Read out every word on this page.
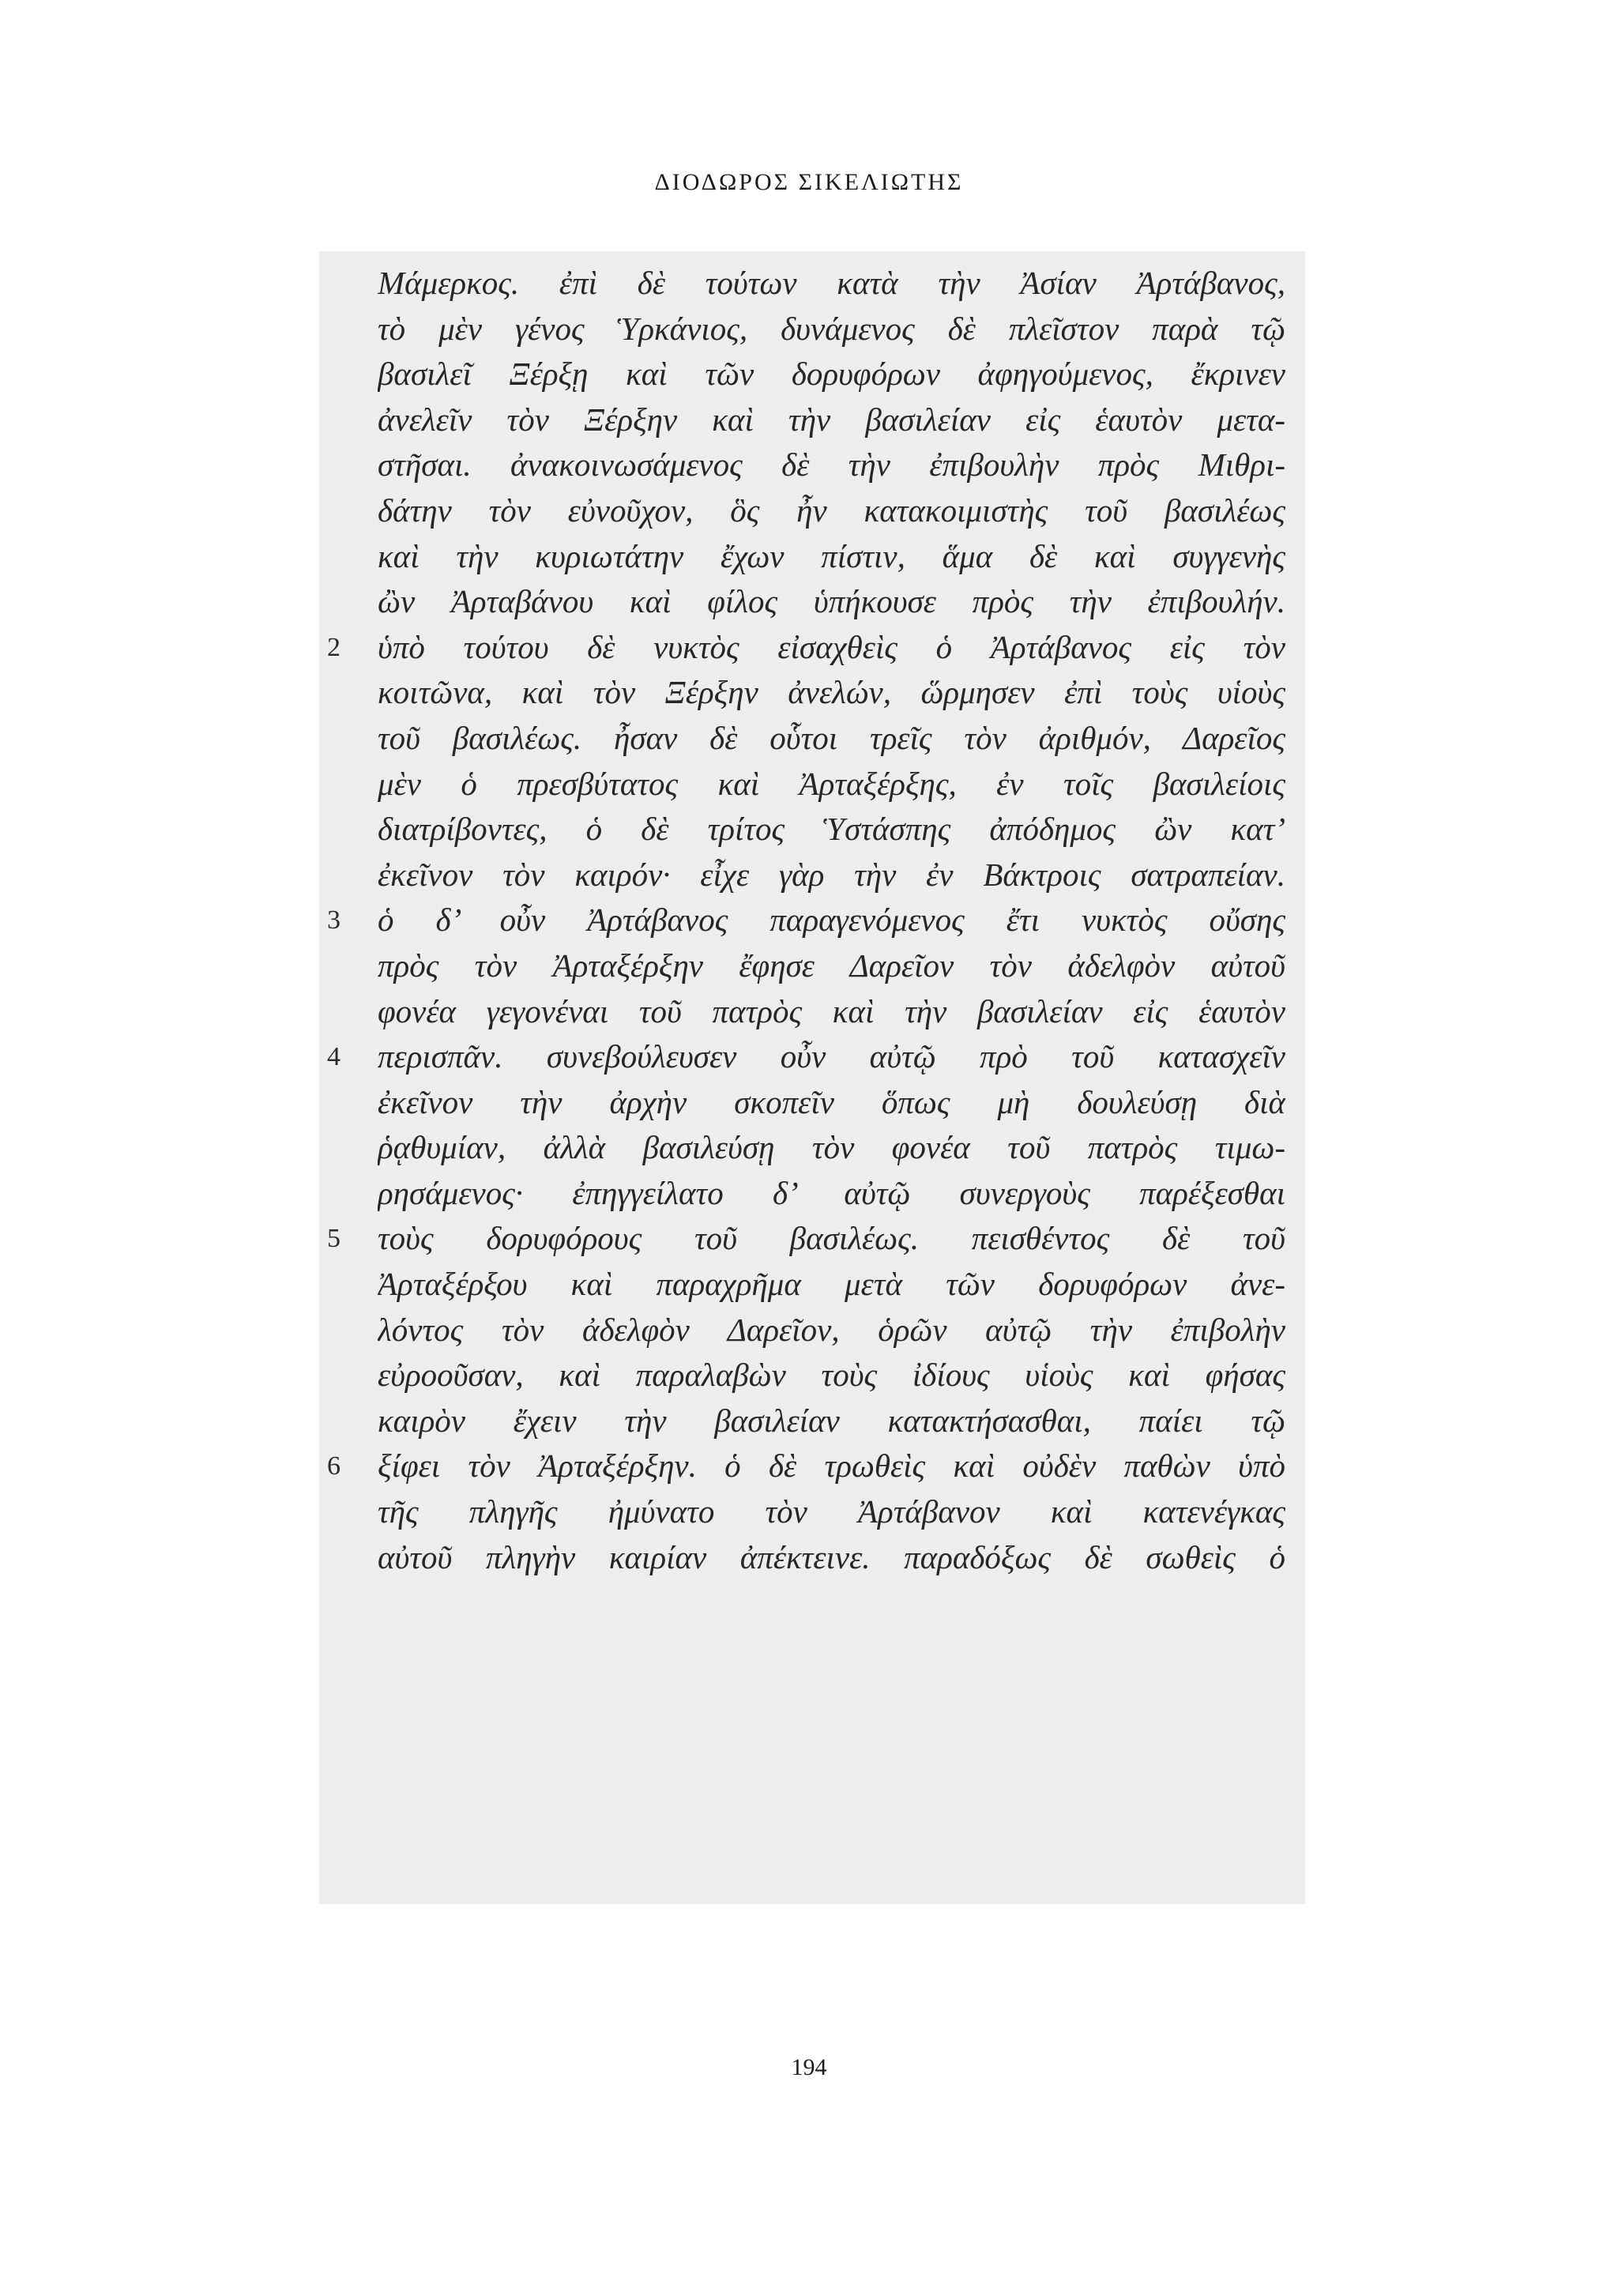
ΔΙΟΔΩΡΟΣ ΣΙΚΕΛΙΩΤΗΣ
Μάμερκος. ἐπὶ δὲ τούτων κατὰ τὴν Ἀσίαν Ἀρτάβανος,
τὸ μὲν γένος Ὑρκάνιος, δυνάμενος δὲ πλεῖστον παρὰ τῷ
βασιλεῖ Ξέρξῃ καὶ τῶν δορυφόρων ἀφηγούμενος, ἔκρινεν
ἀνελεῖν τὸν Ξέρξην καὶ τὴν βασιλείαν εἰς ἑαυτὸν μετα-
στῆσαι. ἀνακοινωσάμενος δὲ τὴν ἐπιβουλὴν πρὸς Μιθρι-
δάτην τὸν εὐνοῦχον, ὃς ἦν κατακοιμιστὴς τοῦ βασιλέως
καὶ τὴν κυριωτάτην ἔχων πίστιν, ἅμα δὲ καὶ συγγενὴς
ὢν Ἀρταβάνου καὶ φίλος ὑπήκουσε πρὸς τὴν ἐπιβουλήν.
2	ὑπὸ τούτου δὲ νυκτὸς εἰσαχθεὶς ὁ Ἀρτάβανος εἰς τὸν
κοιτῶνα, καὶ τὸν Ξέρξην ἀνελών, ὥρμησεν ἐπὶ τοὺς υἱοὺς
τοῦ βασιλέως. ἦσαν δὲ οὗτοι τρεῖς τὸν ἀριθμόν, Δαρεῖος
μὲν ὁ πρεσβύτατος καὶ Ἀρταξέρξης, ἐν τοῖς βασιλείοις
διατρίβοντες, ὁ δὲ τρίτος Ὑστάσπης ἀπόδημος ὢν κατ’
ἐκεῖνον τὸν καιρόν· εἶχε γὰρ τὴν ἐν Βάκτροις σατραπείαν.
3	ὁ δ’ οὖν Ἀρτάβανος παραγενόμενος ἔτι νυκτὸς οὔσης
πρὸς τὸν Ἀρταξέρξην ἔφησε Δαρεῖον τὸν ἀδελφὸν αὐτοῦ
φονέα γεγονέναι τοῦ πατρὸς καὶ τὴν βασιλείαν εἰς ἑαυτὸν
4	περισπᾶν. συνεβούλευσεν οὖν αὐτῷ πρὸ τοῦ κατασχεῖν
ἐκεῖνον τὴν ἀρχὴν σκοπεῖν ὅπως μὴ δουλεύσῃ διὰ
ῥᾳθυμίαν, ἀλλὰ βασιλεύσῃ τὸν φονέα τοῦ πατρὸς τιμω-
ρησάμενος· ἐπηγγείλατο δ’ αὐτῷ συνεργοὺς παρέξεσθαι
5	τοὺς δορυφόρους τοῦ βασιλέως. πεισθέντος δὲ τοῦ
Ἀρταξέρξου καὶ παραχρῆμα μετὰ τῶν δορυφόρων ἀνε-
λόντος τὸν ἀδελφὸν Δαρεῖον, ὁρῶν αὐτῷ τὴν ἐπιβολὴν
εὐροοῦσαν, καὶ παραλαβὼν τοὺς ἰδίους υἱοὺς καὶ φήσας
καιρὸν ἔχειν τὴν βασιλείαν κατακτήσασθαι, παίει τῷ
6	ξίφει τὸν Ἀρταξέρξην. ὁ δὲ τρωθεὶς καὶ οὐδὲν παθὼν ὑπὸ
τῆς πληγῆς ἠμύνατο τὸν Ἀρτάβανον καὶ κατενέγκας
αὐτοῦ πληγὴν καιρίαν ἀπέκτεινε. παραδόξως δὲ σωθεὶς ὁ
194
